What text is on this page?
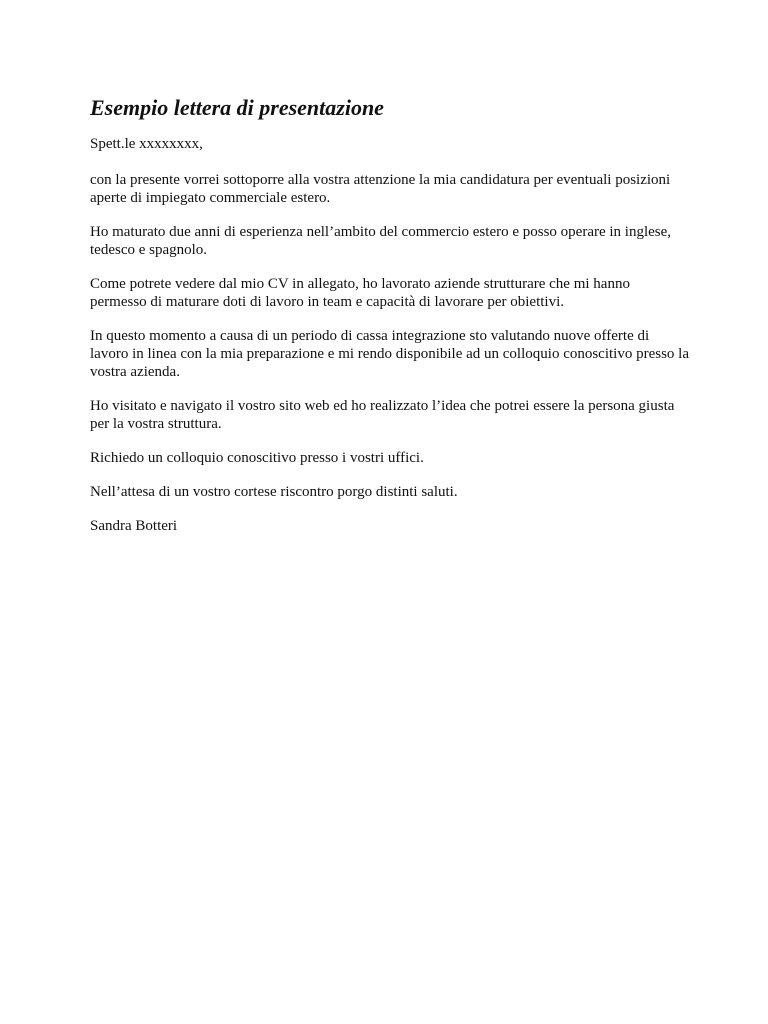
Esempio lettera di presentazione

Spett.le xxxxxxxx,

con la presente vorrei sottoporre alla vostra attenzione la mia candidatura per eventuali posizioni aperte di impiegato commerciale estero.

Ho maturato due anni di esperienza nell’ambito del commercio estero e posso operare in inglese, tedesco e spagnolo.

Come potrete vedere dal mio CV in allegato, ho lavorato aziende strutturare che mi hanno permesso di maturare doti di lavoro in team e capacità di lavorare per obiettivi.

In questo momento a causa di un periodo di cassa integrazione sto valutando nuove offerte di lavoro in linea con la mia preparazione e mi rendo disponibile ad un colloquio conoscitivo presso la vostra azienda.

Ho visitato e navigato il vostro sito web ed ho realizzato l’idea che potrei essere la persona giusta per la vostra struttura.

Richiedo un colloquio conoscitivo presso i vostri uffici.

Nell’attesa di un vostro cortese riscontro porgo distinti saluti.

Sandra Botteri
